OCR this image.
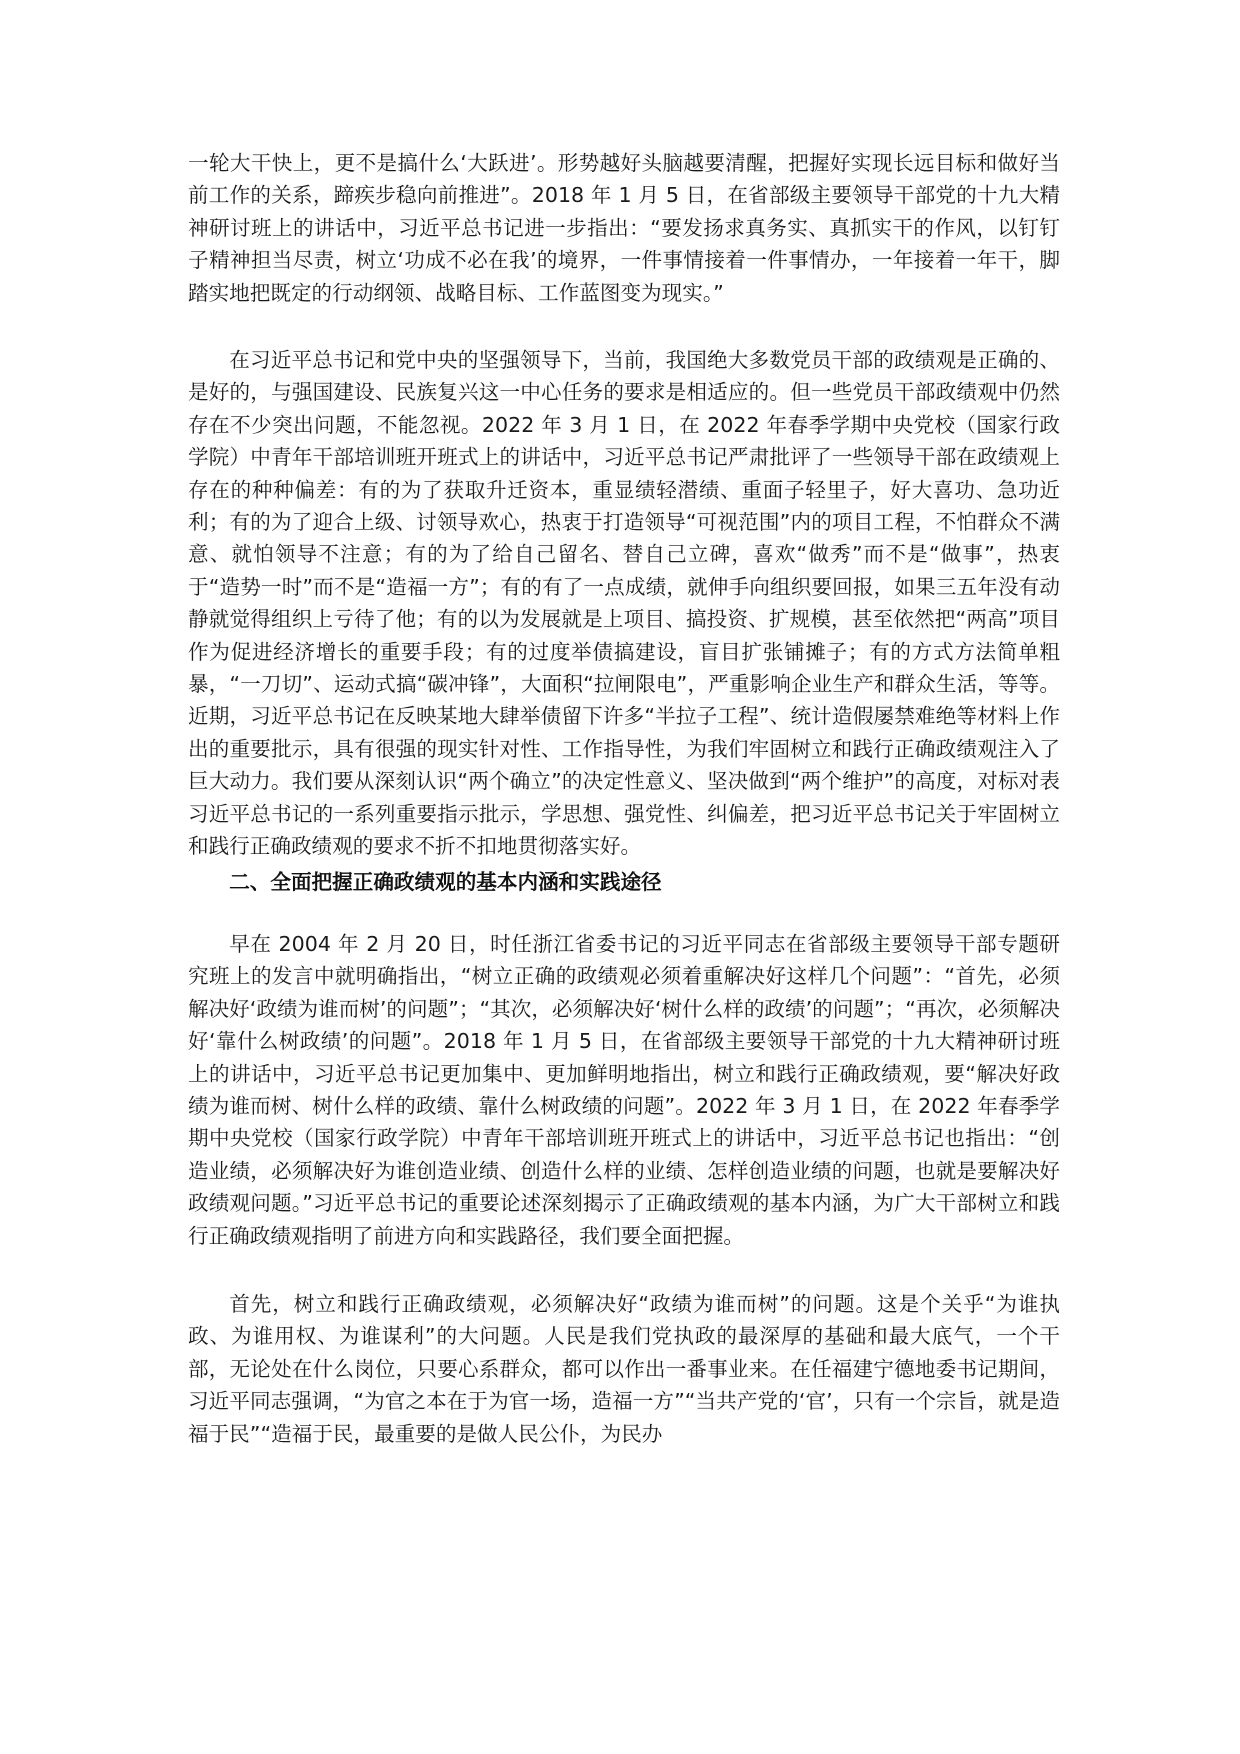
一轮大干快上，更不是搞什么‘大跃进’。形势越好头脑越要清醒，把握好实现长远目标和做好当前工作的关系，蹄疾步稳向前推进”。2018 年 1 月 5 日，在省部级主要领导干部党的十九大精神研讨班上的讲话中，习近平总书记进一步指出：“要发扬求真务实、真抓实干的作风，以钉钉子精神担当尽责，树立‘功成不必在我’的境界，一件事情接着一件事情办，一年接着一年干，脚踏实地把既定的行动纲领、战略目标、工作蓝图变为现实。”

在习近平总书记和党中央的坚强领导下，当前，我国绝大多数党员干部的政绩观是正确的、是好的，与强国建设、民族复兴这一中心任务的要求是相适应的。但一些党员干部政绩观中仍然存在不少突出问题，不能忽视。2022 年 3 月 1 日，在 2022 年春季学期中央党校（国家行政学院）中青年干部培训班开班式上的讲话中，习近平总书记严肃批评了一些领导干部在政绩观上存在的种种偏差：有的为了获取升迁资本，重显绩轻潜绩、重面子轻里子，好大喜功、急功近利；有的为了迎合上级、讨领导欢心，热衷于打造领导“可视范围”内的项目工程，不怕群众不满意、就怕领导不注意；有的为了给自己留名、替自己立碑，喜欢“做秀”而不是“做事”，热衷于“造势一时”而不是“造福一方”；有的有了一点成绩，就伸手向组织要回报，如果三五年没有动静就觉得组织上亏待了他；有的以为发展就是上项目、搞投资、扩规模，甚至依然把“两高”项目作为促进经济增长的重要手段；有的过度举债搞建设，盲目扩张铺摊子；有的方式方法简单粗暴，“一刀切”、运动式搞“碳冲锋”，大面积“拉闸限电”，严重影响企业生产和群众生活，等等。近期，习近平总书记在反映某地大肆举债留下许多“半拉子工程”、统计造假屡禁难绝等材料上作出的重要批示，具有很强的现实针对性、工作指导性，为我们牢固树立和践行正确政绩观注入了巨大动力。我们要从深刻认识“两个确立”的决定性意义、坚决做到“两个维护”的高度，对标对表习近平总书记的一系列重要指示批示，学思想、强党性、纠偏差，把习近平总书记关于牢固树立和践行正确政绩观的要求不折不扣地贯彻落实好。

二、全面把握正确政绩观的基本内涵和实践途径

早在 2004 年 2 月 20 日，时任浙江省委书记的习近平同志在省部级主要领导干部专题研究班上的发言中就明确指出，“树立正确的政绩观必须着重解决好这样几个问题”：“首先，必须解决好‘政绩为谁而树’的问题”；“其次，必须解决好‘树什么样的政绩’的问题”；“再次，必须解决好‘靠什么树政绩’的问题”。2018 年 1 月 5 日，在省部级主要领导干部党的十九大精神研讨班上的讲话中，习近平总书记更加集中、更加鲜明地指出，树立和践行正确政绩观，要“解决好政绩为谁而树、树什么样的政绩、靠什么树政绩的问题”。2022 年 3 月 1 日，在 2022 年春季学期中央党校（国家行政学院）中青年干部培训班开班式上的讲话中，习近平总书记也指出：“创造业绩，必须解决好为谁创造业绩、创造什么样的业绩、怎样创造业绩的问题，也就是要解决好政绩观问题。”习近平总书记的重要论述深刻揭示了正确政绩观的基本内涵，为广大干部树立和践行正确政绩观指明了前进方向和实践路径，我们要全面把握。

首先，树立和践行正确政绩观，必须解决好“政绩为谁而树”的问题。这是个关乎“为谁执政、为谁用权、为谁谋利”的大问题。人民是我们党执政的最深厚的基础和最大底气，一个干部，无论处在什么岗位，只要心系群众，都可以作出一番事业来。在任福建宁德地委书记期间，习近平同志强调，“为官之本在于为官一场，造福一方”“当共产党的‘官’，只有一个宗旨，就是造福于民”“造福于民，最重要的是做人民公仆，为民办
